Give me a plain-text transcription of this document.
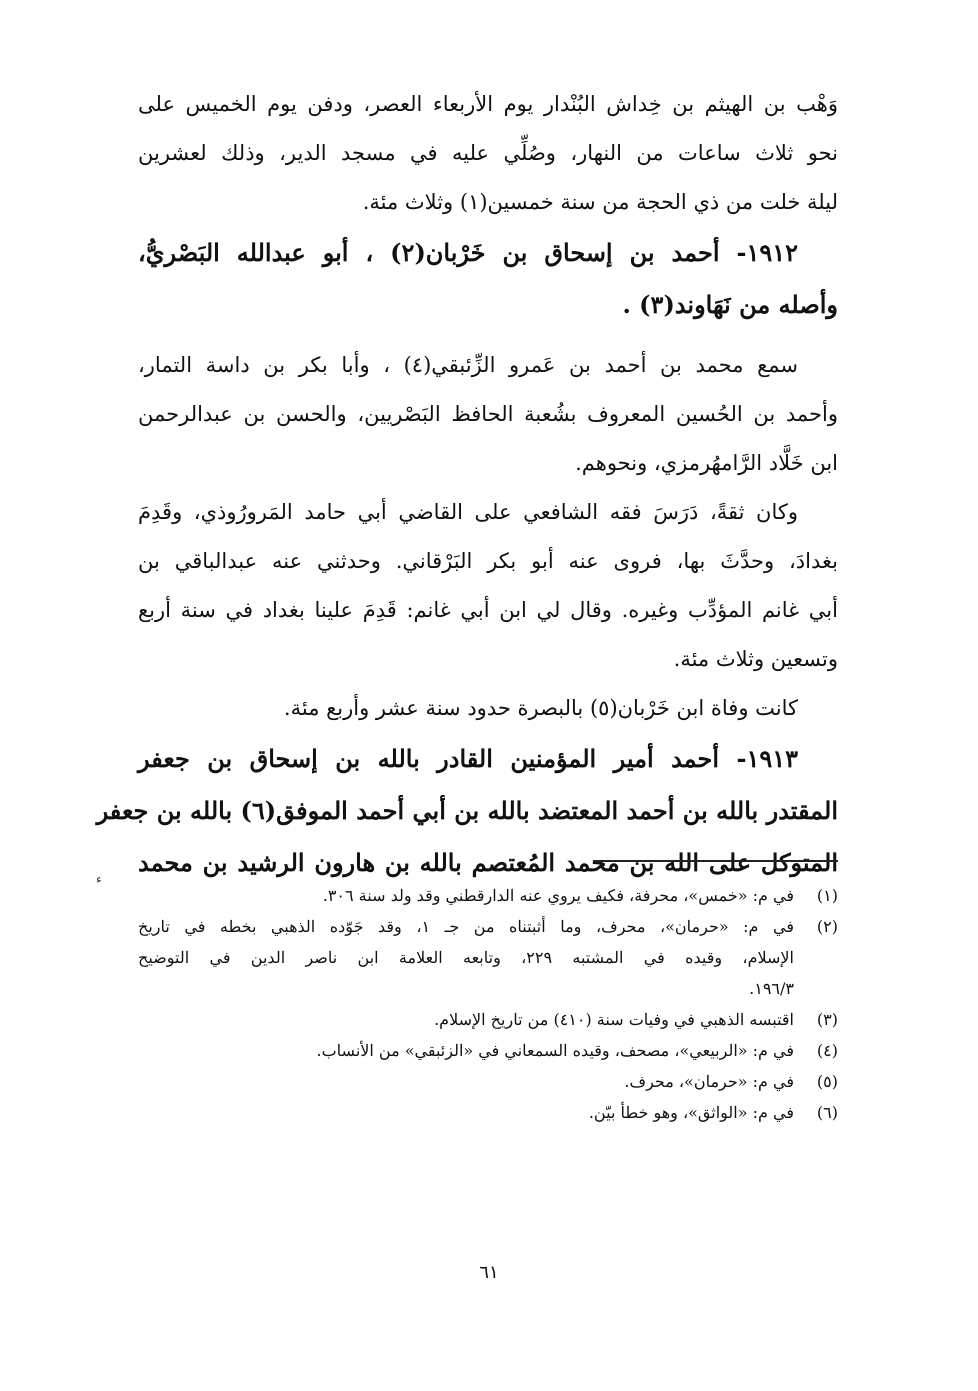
وَهْب بن الهيثم بن خِداش البُنْدار يوم الأربعاء العصر، ودفن يوم الخميس على
نحو ثلاث ساعات من النهار، وصُلِّي عليه في مسجد الدير، وذلك لعشرين
ليلة خلت من ذي الحجة من سنة خمسين(١) وثلاث مئة.
١٩١٢- أحمد بن إسحاق بن خَرْبان(٢) ، أبو عبدالله البَصْريُّ،
وأصله من نَهَاوند(٣) .
سمع محمد بن أحمد بن عَمرو الزِّئبقي(٤) ، وأبا بكر بن داسة التمار،
وأحمد بن الحُسين المعروف بشُعبة الحافظ البَصْريين، والحسن بن عبدالرحمن
ابن خَلَّاد الرَّامهُرمزي، ونحوهم.
وكان ثقةً، دَرَسَ فقه الشافعي على القاضي أبي حامد المَرورُوذي، وقَدِمَ
بغدادَ، وحدَّثَ بها، فروى عنه أبو بكر البَرْقاني. وحدثني عنه عبدالباقي بن
أبي غانم المؤدِّب وغيره. وقال لي ابن أبي غانم: قَدِمَ علينا بغداد في سنة أربع
وتسعين وثلاث مئة.
كانت وفاة ابن خَرْبان(٥) بالبصرة حدود سنة عشر وأربع مئة.
١٩١٣- أحمد أمير المؤمنين القادر بالله بن إسحاق بن جعفر
المقتدر بالله بن أحمد المعتضد بالله بن أبي أحمد الموفق(٦) بالله بن جعفر
المتوكل على الله بن محمد المُعتصم بالله بن هارون الرشيد بن محمد
(١)
في م: «خمس»، محرفة، فكيف يروي عنه الدارقطني وقد ولد سنة ٣٠٦.
(٢)
في م: «حرمان»، محرف، وما أثبتناه من جـ ١، وقد جَوّده الذهبي بخطه في تاريخ
الإسلام، وقيده في المشتبه ٢٢٩، وتابعه العلامة ابن ناصر الدين في التوضيح
١٩٦/٣.
(٣)
اقتبسه الذهبي في وفيات سنة (٤١٠) من تاريخ الإسلام.
(٤)
في م: «الربيعي»، مصحف، وقيده السمعاني في «الزئبقي» من الأنساب.
(٥)
في م: «حرمان»، محرف.
(٦)
في م: «الواثق»، وهو خطأ بيّن.
ء
٦١
